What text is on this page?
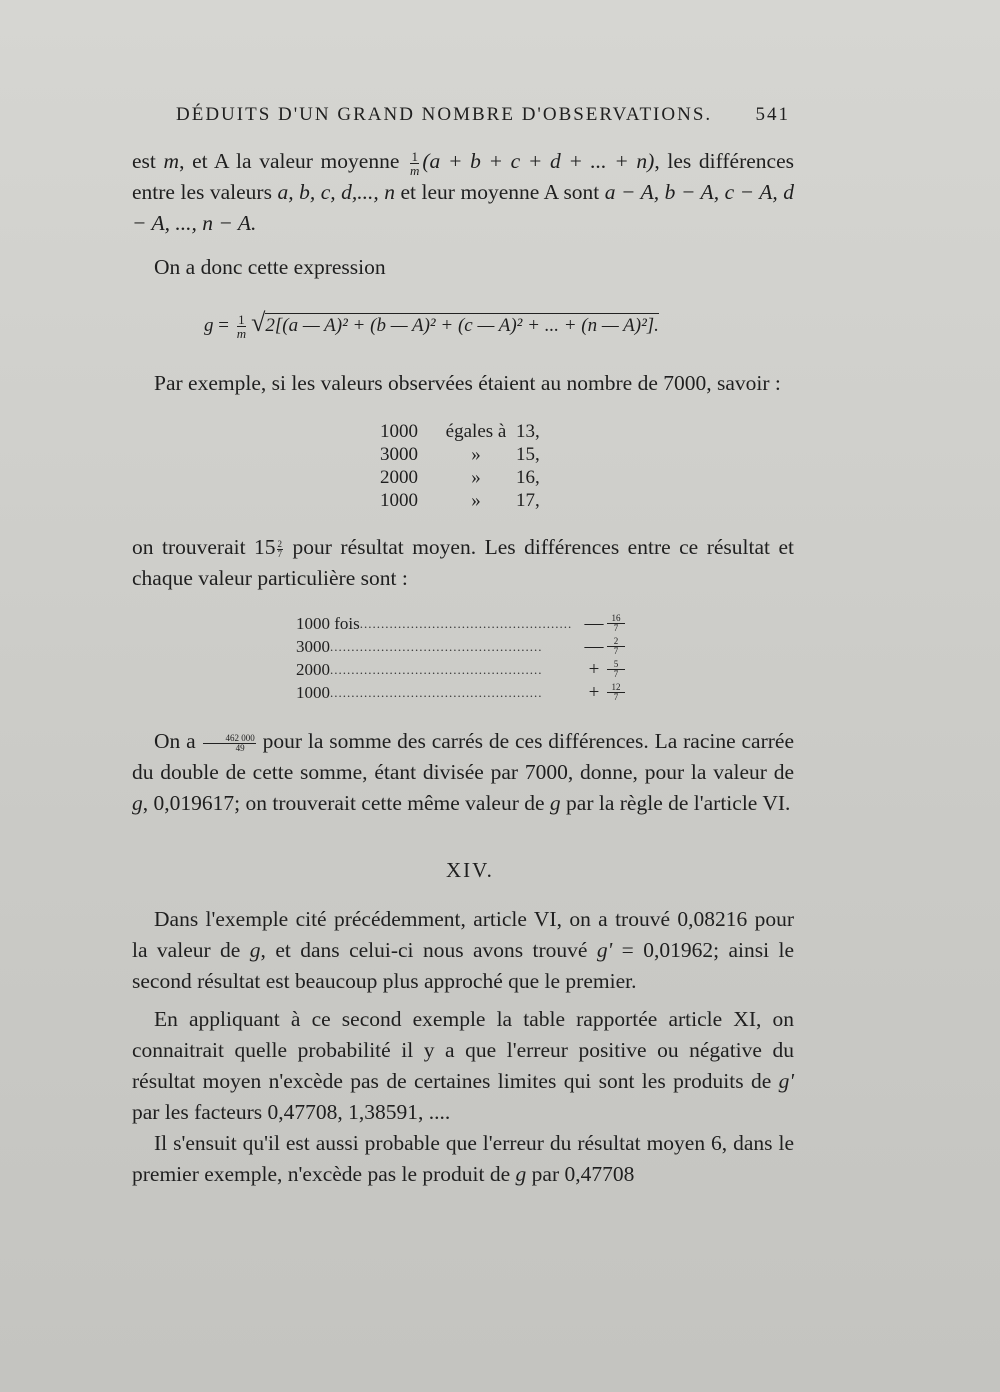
DÉDUITS D'UN GRAND NOMBRE D'OBSERVATIONS. 541

est m, et A la valeur moyenne $\frac{1}{m} (a + b + c + d$ + ... + n), les différences entre les valeurs a, b, c, d,..., n et leur moyenne A sont a − A, b − A, c − A, d − A, ..., n − A.

On a donc cette expression

$g = \frac{1}{m} √2[(a$ — A)² + (b — A)² + (c — A)² + ... + (n — A)²].

Par exemple, si les valeurs observées étaient au nombre de 7000, savoir :

1000	égales à 13,
3000	»	15,
2000	»	16,
1000	»	17,

on trouverait $15 \frac{2}{7}$ pour résultat moyen. Les différences entre ce résultat et chaque valeur particulière sont :

1000 fois .................................................. — $\frac{16}{7}$
3000 ..................................................	— $\frac{2}{7}$
2000 ..................................................	+ $\frac{5}{7}$
1000 ..................................................	+ $\frac{12}{7}$

On a $\frac{462 000}{49}$ pour la somme des carrés de ces différences. La racine carrée du double de cette somme, étant divisée par 7000, donne, pour la valeur de g, 0,019617; on trouverait cette même valeur de g par la règle de l'article VI.

XIV.

Dans l'exemple cité précédemment, article VI, on a trouvé 0,08216 pour la valeur de g, et dans celui-ci nous avons trouvé g' = 0,01962; ainsi le second résultat est beaucoup plus approché que le premier.

En appliquant à ce second exemple la table rapportée article XI, on connaitrait quelle probabilité il y a que l'erreur positive ou négative du résultat moyen n'excède pas de certaines limites qui sont les produits de g' par les facteurs 0,47708, 1,38591, ....

Il s'ensuit qu'il est aussi probable que l'erreur du résultat moyen 6, dans le premier exemple, n'excède pas le produit de g par 0,47708
